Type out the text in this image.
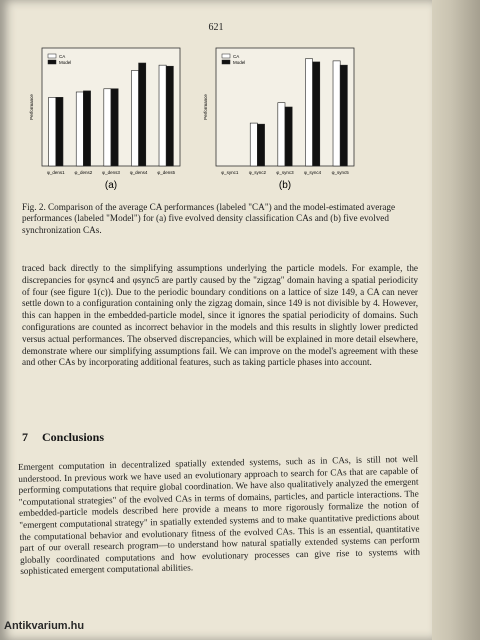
621
Performance
CA
Model
φ_dens1 φ_dens2 φ_dens3 φ_dens4 φ_dens5
(a)
Performance
CA
Model
φ_sync1 φ_sync2 φ_sync3 φ_sync4 φ_sync5
(b)
Fig. 2. Comparison of the average CA performances (labeled "CA") and the model-estimated average performances (labeled "Model") for (a) five evolved density classification CAs and (b) five evolved synchronization CAs.

traced back directly to the simplifying assumptions underlying the particle models. For example, the discrepancies for φsync4 and φsync5 are partly caused by the "zigzag" domain having a spatial periodicity of four (see figure 1(c)). Due to the periodic boundary conditions on a lattice of size 149, a CA can never settle down to a configuration containing only the zigzag domain, since 149 is not divisible by 4. However, this can happen in the embedded-particle model, since it ignores the spatial periodicity of domains. Such configurations are counted as incorrect behavior in the models and this results in slightly lower predicted versus actual performances. The observed discrepancies, which will be explained in more detail elsewhere, demonstrate where our simplifying assumptions fail. We can improve on the model's agreement with these and other CAs by incorporating additional features, such as taking particle phases into account.

7 Conclusions

Emergent computation in decentralized spatially extended systems, such as in CAs, is still not well understood. In previous work we have used an evolutionary approach to search for CAs that are capable of performing computations that require global coordination. We have also qualitatively analyzed the emergent "computational strategies" of the evolved CAs in terms of domains, particles, and particle interactions. The embedded-particle models described here provide a means to more rigorously formalize the notion of "emergent computational strategy" in spatially extended systems and to make quantitative predictions about the computational behavior and evolutionary fitness of the evolved CAs. This is an essential, quantitative part of our overall research program—to understand how natural spatially extended systems can perform globally coordinated computations and how evolutionary processes can give rise to systems with sophisticated emergent computational abilities.

Antikvarium.hu
